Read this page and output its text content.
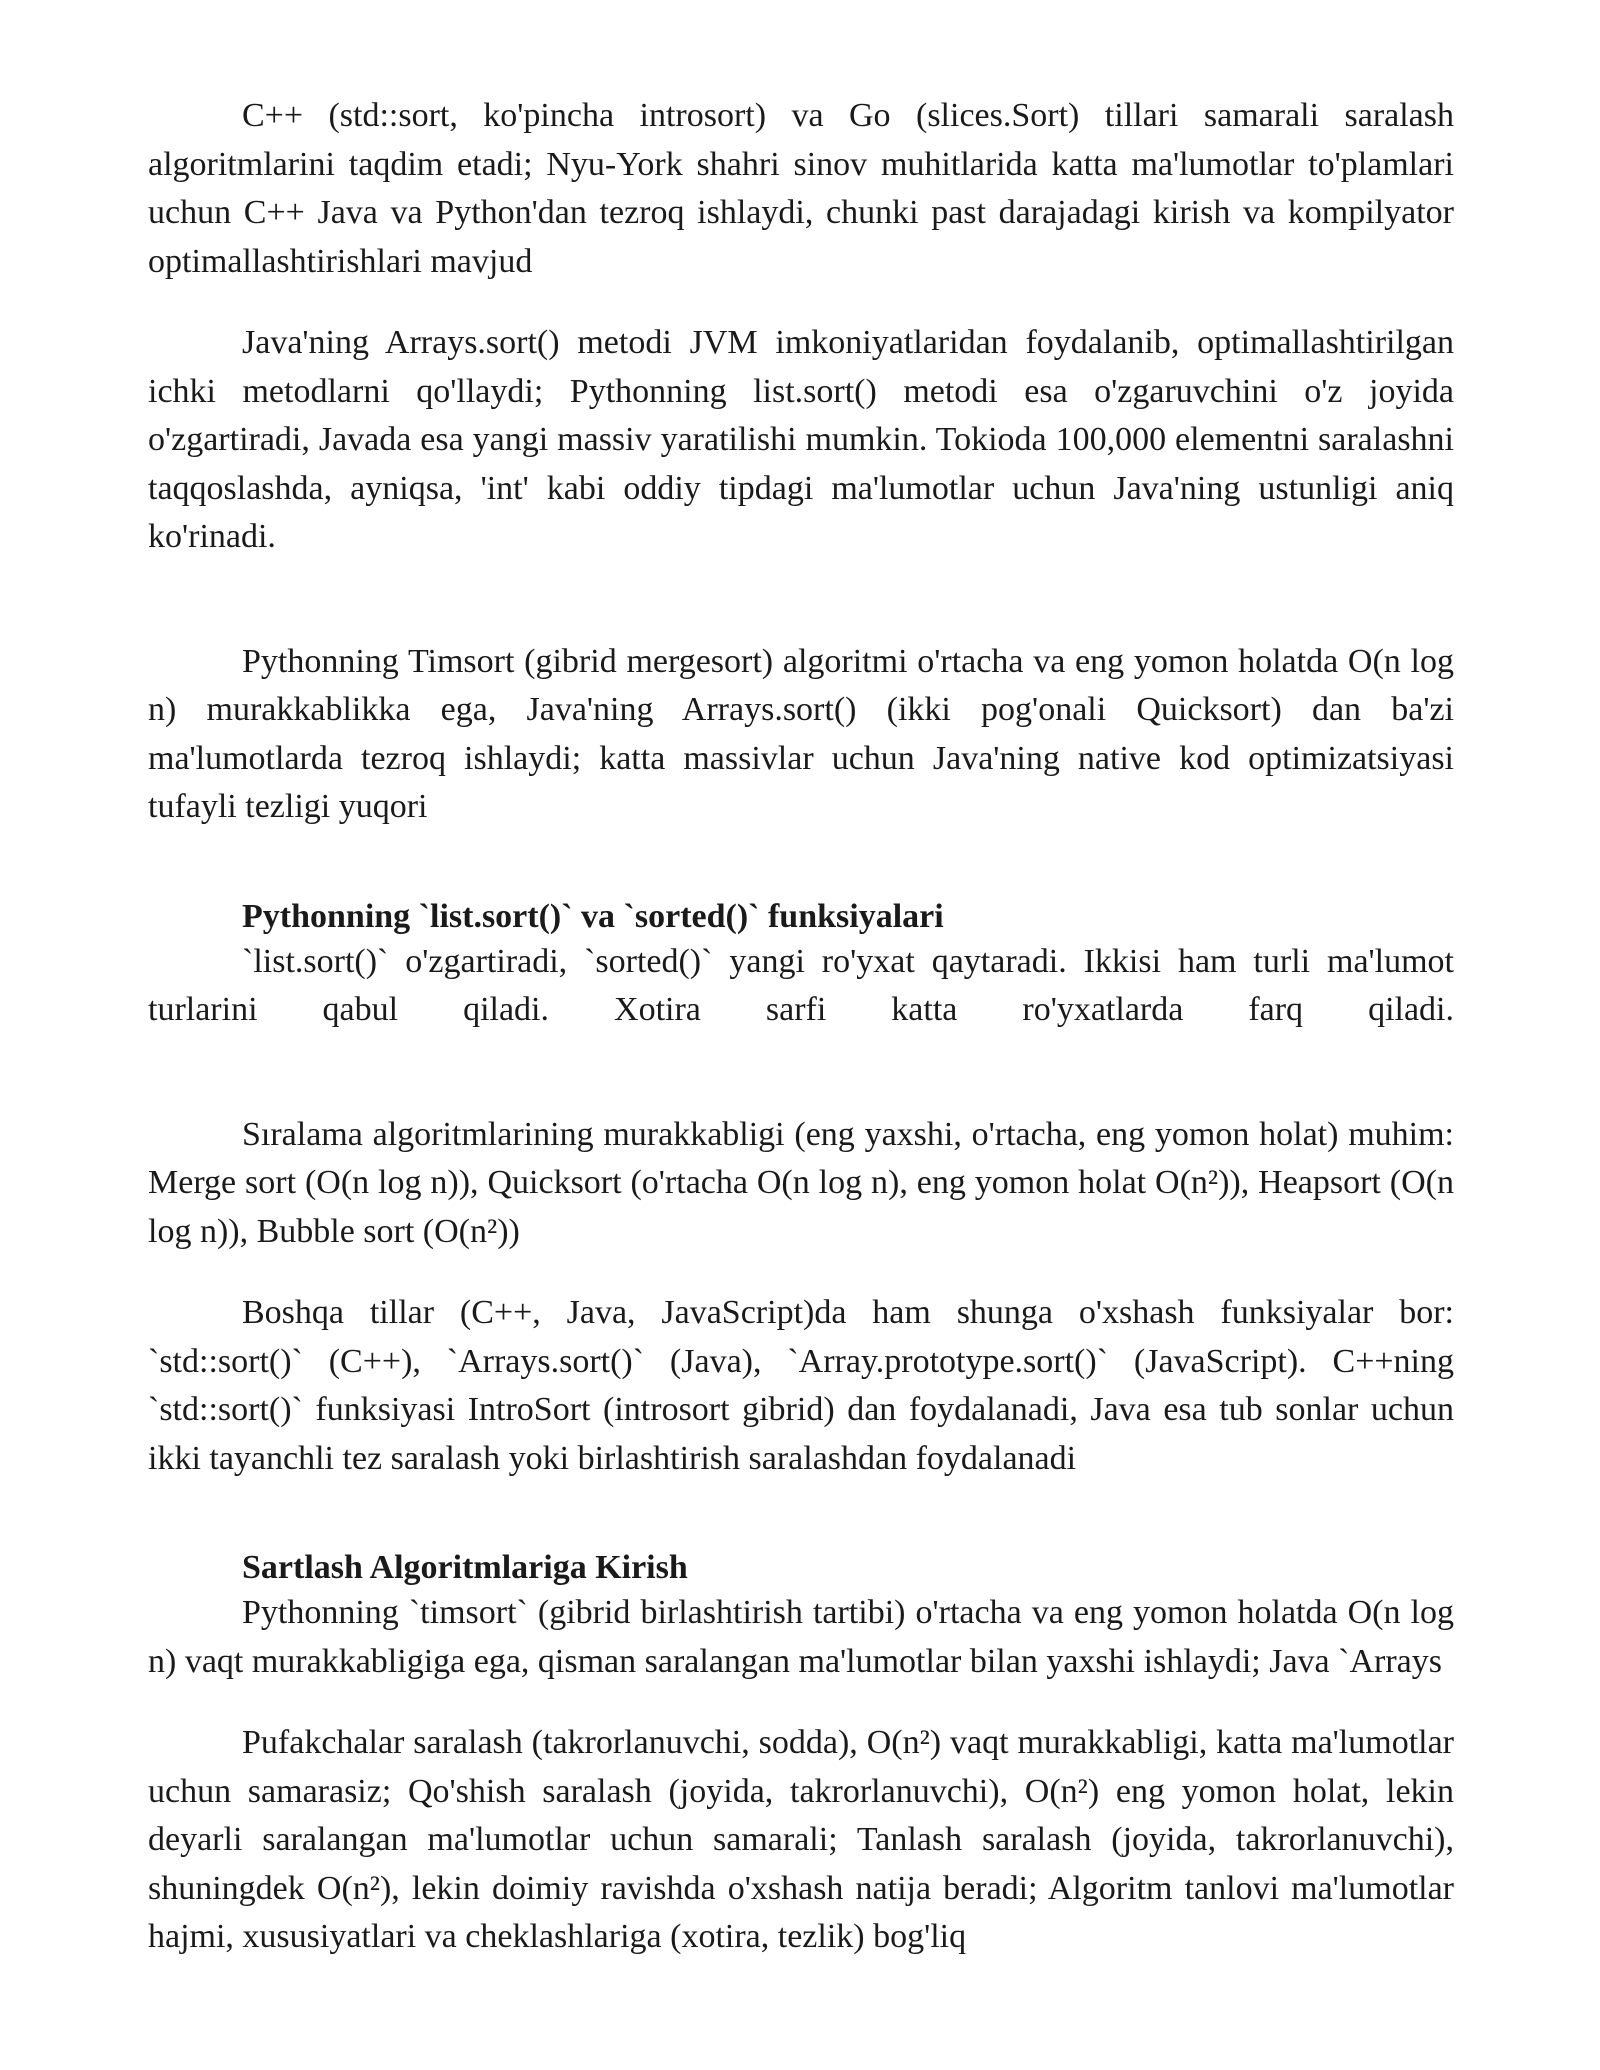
C++ (std::sort, ko'pincha introsort) va Go (slices.Sort) tillari samarali saralash algoritmlarini taqdim etadi; Nyu-York shahri sinov muhitlarida katta ma'lumotlar to'plamlari uchun C++ Java va Python'dan tezroq ishlaydi, chunki past darajadagi kirish va kompilyator optimallashtirishlari mavjud

Java'ning Arrays.sort() metodi JVM imkoniyatlaridan foydalanib, optimallashtirilgan ichki metodlarni qo'llaydi; Pythonning list.sort() metodi esa o'zgaruvchini o'z joyida o'zgartiradi, Javada esa yangi massiv yaratilishi mumkin. Tokioda 100,000 elementni saralashni taqqoslashda, ayniqsa, 'int' kabi oddiy tipdagi ma'lumotlar uchun Java'ning ustunligi aniq ko'rinadi.

Pythonning Timsort (gibrid mergesort) algoritmi o'rtacha va eng yomon holatda O(n log n) murakkablikka ega, Java'ning Arrays.sort() (ikki pog'onali Quicksort) dan ba'zi ma'lumotlarda tezroq ishlaydi; katta massivlar uchun Java'ning native kod optimizatsiyasi tufayli tezligi yuqori

Pythonning `list.sort()` va `sorted()` funksiyalari

`list.sort()` o'zgartiradi, `sorted()` yangi ro'yxat qaytaradi. Ikkisi ham turli ma'lumot turlarini qabul qiladi. Xotira sarfi katta ro'yxatlarda farq qiladi.

Sıralama algoritmlarining murakkabligi (eng yaxshi, o'rtacha, eng yomon holat) muhim: Merge sort (O(n log n)), Quicksort (o'rtacha O(n log n), eng yomon holat O(n²)), Heapsort (O(n log n)), Bubble sort (O(n²))

Boshqa tillar (C++, Java, JavaScript)da ham shunga o'xshash funksiyalar bor: `std::sort()` (C++), `Arrays.sort()` (Java), `Array.prototype.sort()` (JavaScript). C++ning `std::sort()` funksiyasi IntroSort (introsort gibrid) dan foydalanadi, Java esa tub sonlar uchun ikki tayanchli tez saralash yoki birlashtirish saralashdan foydalanadi

Sartlash Algoritmlariga Kirish

Pythonning `timsort` (gibrid birlashtirish tartibi) o'rtacha va eng yomon holatda O(n log n) vaqt murakkabligiga ega, qisman saralangan ma'lumotlar bilan yaxshi ishlaydi; Java `Arrays

Pufakchalar saralash (takrorlanuvchi, sodda), O(n²) vaqt murakkabligi, katta ma'lumotlar uchun samarasiz; Qo'shish saralash (joyida, takrorlanuvchi), O(n²) eng yomon holat, lekin deyarli saralangan ma'lumotlar uchun samarali; Tanlash saralash (joyida, takrorlanuvchi), shuningdek O(n²), lekin doimiy ravishda o'xshash natija beradi; Algoritm tanlovi ma'lumotlar hajmi, xususiyatlari va cheklashlariga (xotira, tezlik) bog'liq
